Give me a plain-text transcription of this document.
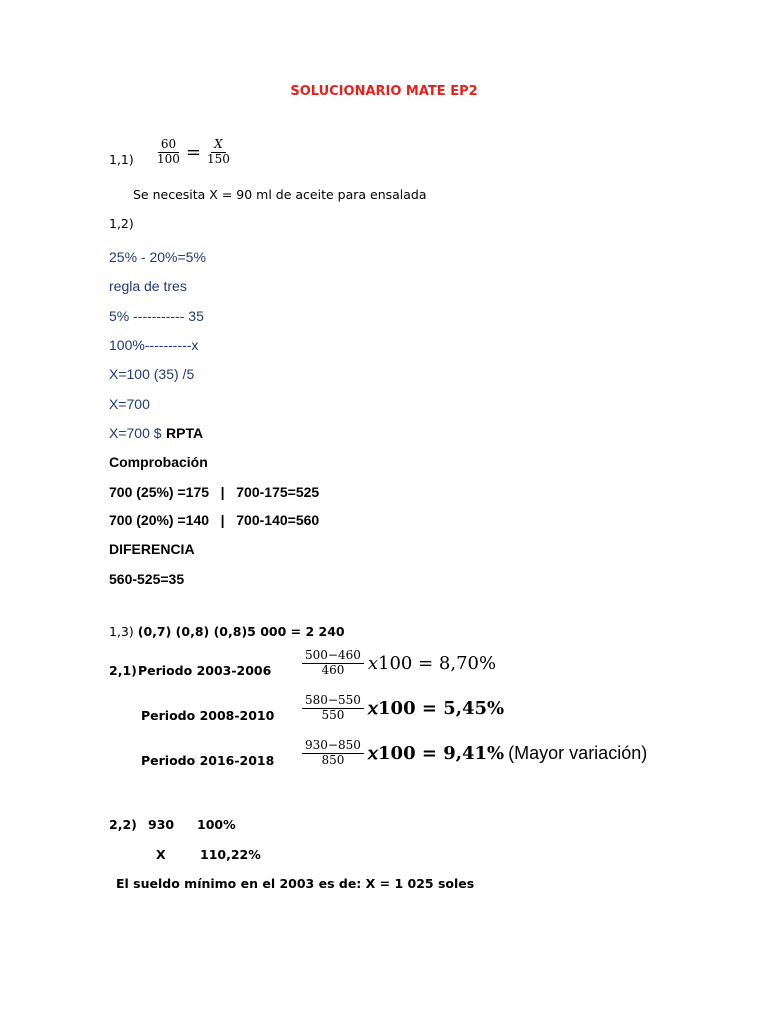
SOLUCIONARIO MATE EP2
$1,1) \frac{60}{100} = \frac{X}{150}$
Se necesita X = 90 ml de aceite para ensalada
1,2)
25% - 20%=5%
regla de tres
5% ----------- 35
100%----------x
X=100 (35) /5
X=700
X=700 $ RPTA
Comprobación
700 (25%) =175   |   700-175=525
700 (20%) =140   |   700-140=560
DIFERENCIA
560-525=35
1,3) (0,7) (0,8) (0,8)5 000 = 2 240
2,1) Periodo 2003-2006	$\frac{500-460}{460}$ 𝑥100 = 8,70%
Periodo $2008-2010 \frac{580-550}{550}$ 𝑥100 = 5,45%
Periodo $2016-2018 \frac{930-850}{850}$ 𝑥100 = 9,41% (Mayor variación)
2,2) 930 100%
X	110,22%
El sueldo mínimo en el 2003 es de: X = 1 025 soles
